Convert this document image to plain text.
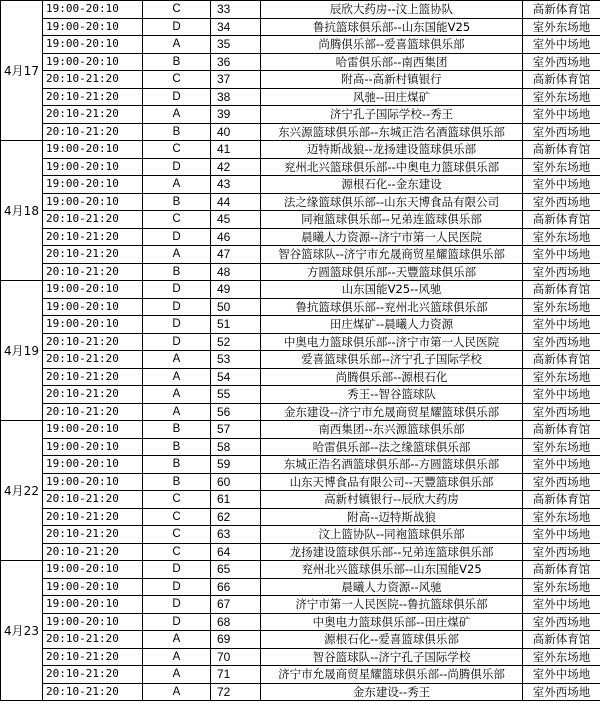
4月17	19:00-20:10	C	33	辰欣大药房--汶上篮协队	高新体育馆
	19:00-20:10	D	34	鲁抗篮球俱乐部--山东国能V25	室外东场地
	19:00-20:10	A	35	尚腾俱乐部--爱喜篮球俱乐部	室外中场地
	19:00-20:10	B	36	哈雷俱乐部--南西集团	室外西场地
	20:10-21:20	C	37	附高--高新村镇银行	高新体育馆
	20:10-21:20	D	38	风驰--田庄煤矿	室外东场地
	20:10-21:20	A	39	济宁孔子国际学校--秀王	室外中场地
	20:10-21:20	B	40	东兴源篮球俱乐部--东城正浩名酒篮球俱乐部	室外西场地
4月18	19:00-20:10	C	41	迈特斯战狼--龙扬建设篮球俱乐部	高新体育馆
	19:00-20:10	D	42	兖州北兴篮球俱乐部--中奥电力篮球俱乐部	室外东场地
	19:00-20:10	A	43	源根石化--金东建设	室外中场地
	19:00-20:10	B	44	法之缘篮球俱乐部--山东天博食品有限公司	室外西场地
	20:10-21:20	C	45	同袍篮球俱乐部--兄弟连篮球俱乐部	高新体育馆
	20:10-21:20	D	46	晨曦人力资源--济宁市第一人民医院	室外东场地
	20:10-21:20	A	47	智谷篮球队--济宁市允晟商贸星耀篮球俱乐部	室外中场地
	20:10-21:20	B	48	方圆篮球俱乐部--天豐篮球俱乐部	室外西场地
4月19	19:00-20:10	D	49	山东国能V25--风驰	高新体育馆
	19:00-20:10	D	50	鲁抗篮球俱乐部--兖州北兴篮球俱乐部	室外东场地
	19:00-20:10	D	51	田庄煤矿--晨曦人力资源	室外中场地
	20:10-21:20	D	52	中奥电力篮球俱乐部--济宁市第一人民医院	室外西场地
	20:10-21:20	A	53	爱喜篮球俱乐部--济宁孔子国际学校	高新体育馆
	20:10-21:20	A	54	尚腾俱乐部--源根石化	室外东场地
	20:10-21:20	A	55	秀王--智谷篮球队	室外中场地
	20:10-21:20	A	56	金东建设--济宁市允晟商贸星耀篮球俱乐部	室外西场地
4月22	19:00-20:10	B	57	南西集团--东兴源篮球俱乐部	高新体育馆
	19:00-20:10	B	58	哈雷俱乐部--法之缘篮球俱乐部	室外东场地
	19:00-20:10	B	59	东城正浩名酒篮球俱乐部--方圆篮球俱乐部	室外中场地
	19:00-20:10	B	60	山东天博食品有限公司--天豐篮球俱乐部	室外西场地
	20:10-21:20	C	61	高新村镇银行--辰欣大药房	高新体育馆
	20:10-21:20	C	62	附高--迈特斯战狼	室外东场地
	20:10-21:20	C	63	汶上篮协队--同袍篮球俱乐部	室外中场地
	20:10-21:20	C	64	龙扬建设篮球俱乐部--兄弟连篮球俱乐部	室外西场地
4月23	19:00-20:10	D	65	兖州北兴篮球俱乐部--山东国能V25	高新体育馆
	19:00-20:10	D	66	晨曦人力资源--风驰	室外东场地
	19:00-20:10	D	67	济宁市第一人民医院--鲁抗篮球俱乐部	室外中场地
	19:00-20:10	D	68	中奥电力篮球俱乐部--田庄煤矿	室外西场地
	20:10-21:20	A	69	源根石化--爱喜篮球俱乐部	高新体育馆
	20:10-21:20	A	70	智谷篮球队--济宁孔子国际学校	室外东场地
	20:10-21:20	A	71	济宁市允晟商贸星耀篮球俱乐部--尚腾俱乐部	室外中场地
	20:10-21:20	A	72	金东建设--秀王	室外西场地
